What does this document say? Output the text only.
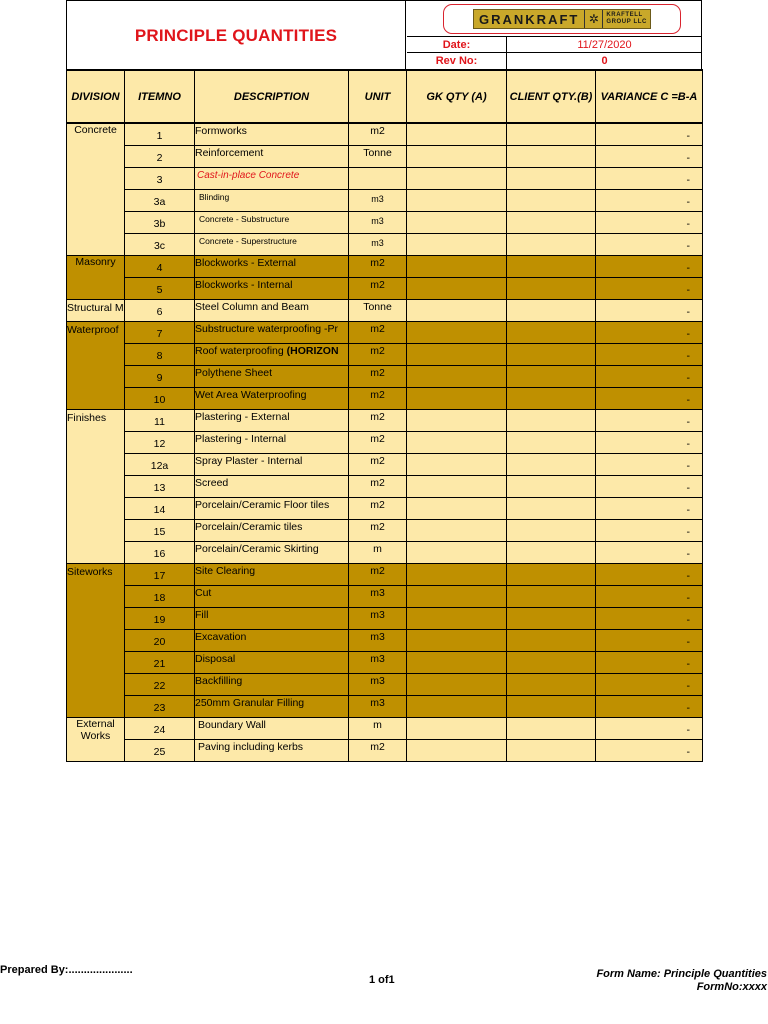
PRINCIPLE QUANTITIES
GRANKRAFT ✲	KRAFTELL
GROUP LLC
Date:	11/27/2020
Rev No:	0
DIVISION	ITEMNO	DESCRIPTION	UNIT	GK QTY (A)	CLIENT QTY.(B)	VARIANCE C =B-A
Concrete	1	Formworks	m2			-
	2	Reinforcement	Tonne			-
	3	Cast-in-place Concrete				-
	3a	Blinding	m3			-
	3b	Concrete - Substructure	m3			-
	3c	Concrete - Superstructure	m3			-
Masonry	4	Blockworks - External	m2			-
	5	Blockworks - Internal	m2			-
Structural M	6	Steel Column and Beam	Tonne			-
Waterproof	7	Substructure waterproofing -Pr	m2			-
	8	Roof waterproofing (HORIZON	m2			-
	9	Polythene Sheet	m2			-
	10	Wet Area Waterproofing	m2			-
Finishes	11	Plastering - External	m2			-
	12	Plastering - Internal	m2			-
	12a	Spray Plaster - Internal	m2			-
	13	Screed	m2			-
	14	Porcelain/Ceramic Floor tiles	m2			-
	15	Porcelain/Ceramic tiles	m2			-
	16	Porcelain/Ceramic Skirting	m			-
Siteworks	17	Site Clearing	m2			-
	18	Cut	m3			-
	19	Fill	m3			-
	20	Excavation	m3			-
	21	Disposal	m3			-
	22	Backfilling	m3			-
	23	250mm Granular Filling	m3			-
External Works	24	Boundary Wall	m			-
	25	Paving including kerbs	m2			-
Prepared By:.....................
1 of1	Form Name: Principle Quantities
FormNo:xxxx
